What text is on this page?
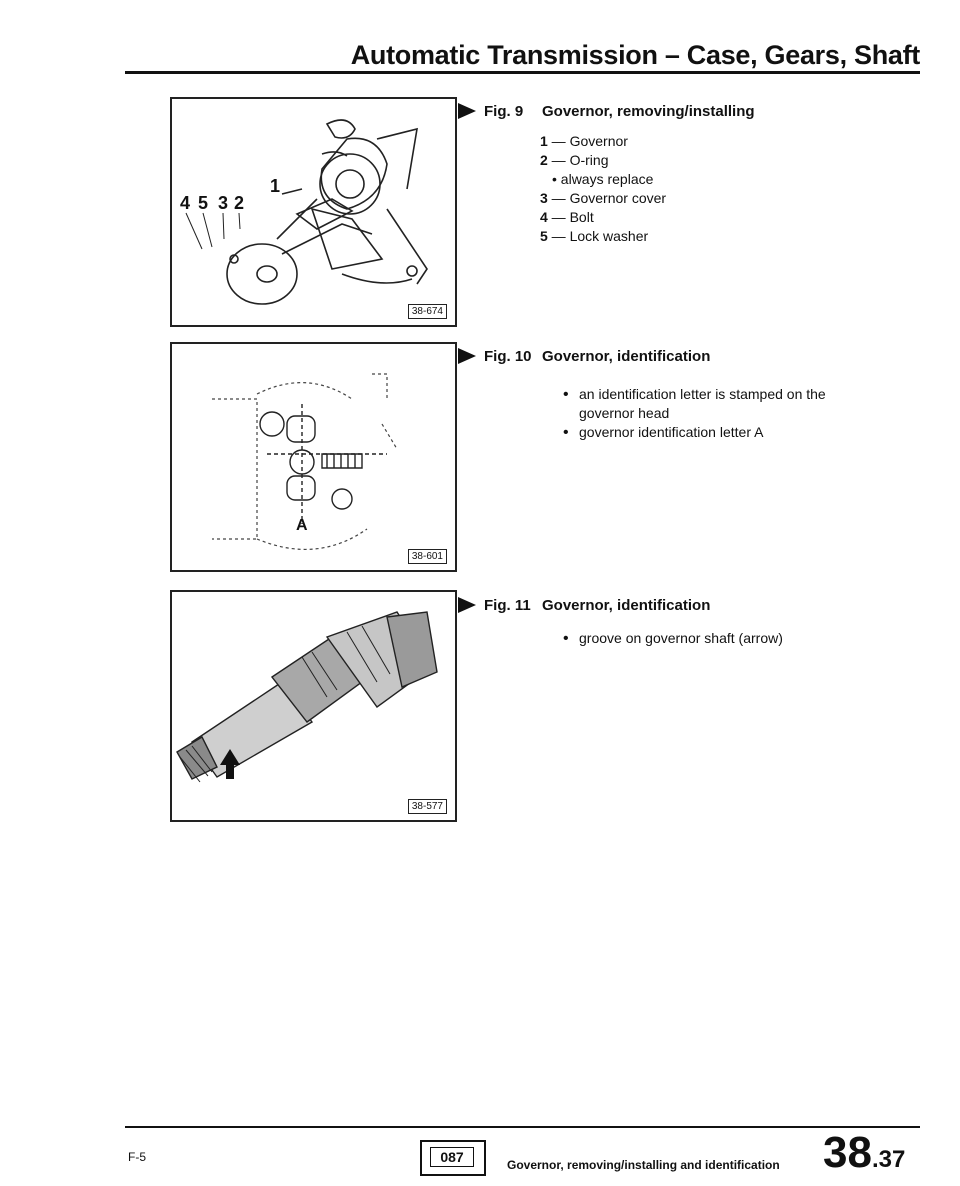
Automatic Transmission – Case, Gears, Shaft
4 5 3 2
1
38-674
Fig. 9 Governor, removing/installing
1 — Governor
2 — O-ring
• always replace
3 — Governor cover
4 — Bolt
5 — Lock washer
A
38-601
Fig. 10 Governor, identification
• an identification letter is stamped on the governor head
• governor identification letter A
38-577
Fig. 11 Governor, identification
• groove on governor shaft (arrow)
F-5	087	Governor, removing/installing and identification 38.37
